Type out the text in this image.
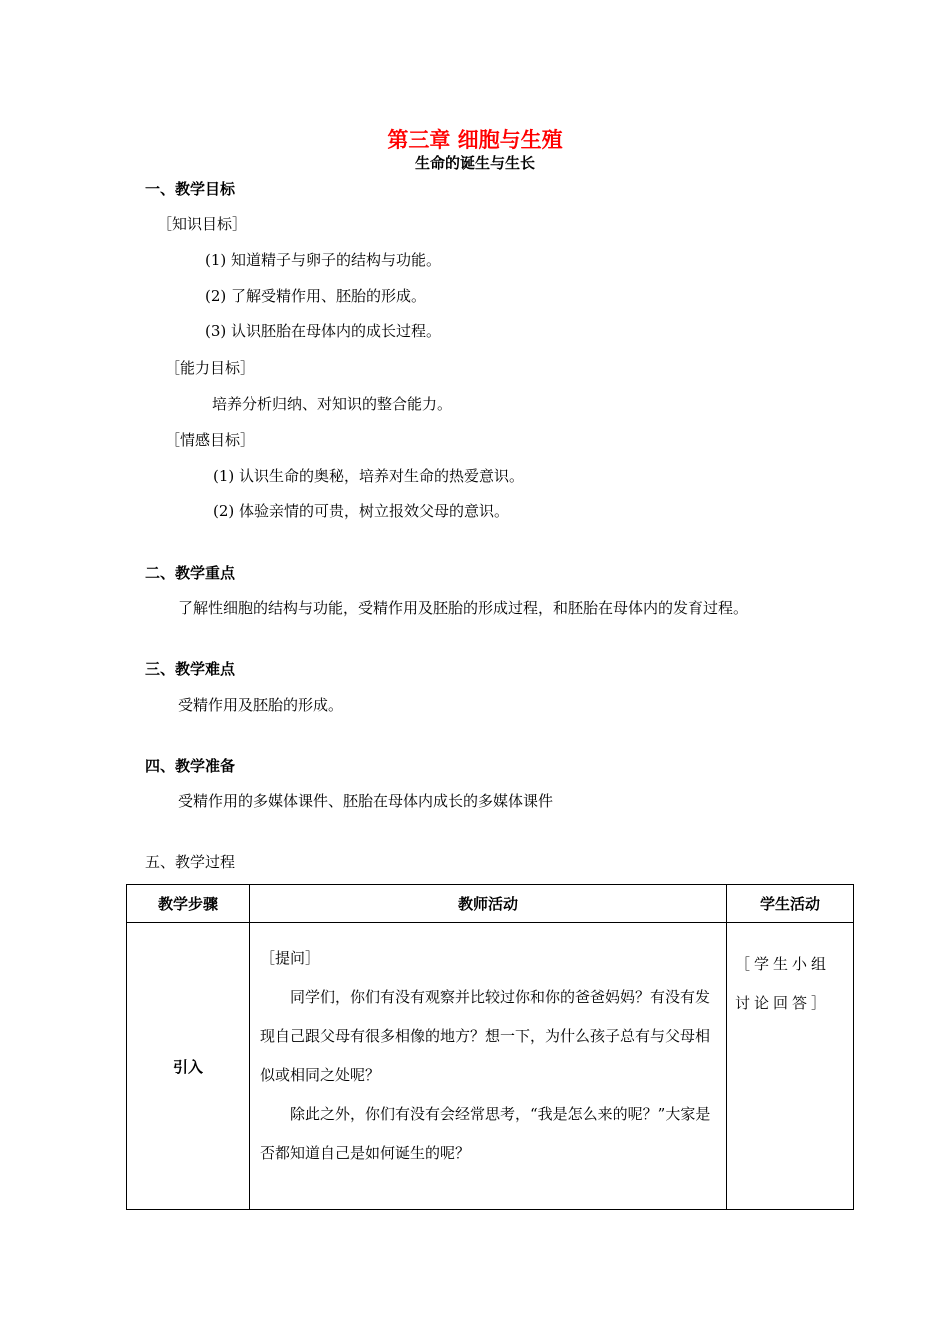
第三章 细胞与生殖
生命的诞生与生长
一、教学目标
［知识目标］
(1) 知道精子与卵子的结构与功能。
(2) 了解受精作用、胚胎的形成。
(3) 认识胚胎在母体内的成长过程。
［能力目标］
培养分析归纳、对知识的整合能力。
［情感目标］
(1) 认识生命的奥秘，培养对生命的热爱意识。
(2) 体验亲情的可贵，树立报效父母的意识。
二、教学重点
了解性细胞的结构与功能，受精作用及胚胎的形成过程，和胚胎在母体内的发育过程。
三、教学难点
受精作用及胚胎的形成。
四、教学准备
受精作用的多媒体课件、胚胎在母体内成长的多媒体课件
五、教学过程
教学步骤	教师活动	学生活动
引入	［提问］

同学们，你们有没有观察并比较过你和你的爸爸妈妈？有没有发现自己跟父母有很多相像的地方？想一下，为什么孩子总有与父母相似或相同之处呢？

除此之外，你们有没有会经常思考，“我是怎么来的呢？”大家是否都知道自己是如何诞生的呢？	［学生小组讨论回答］
